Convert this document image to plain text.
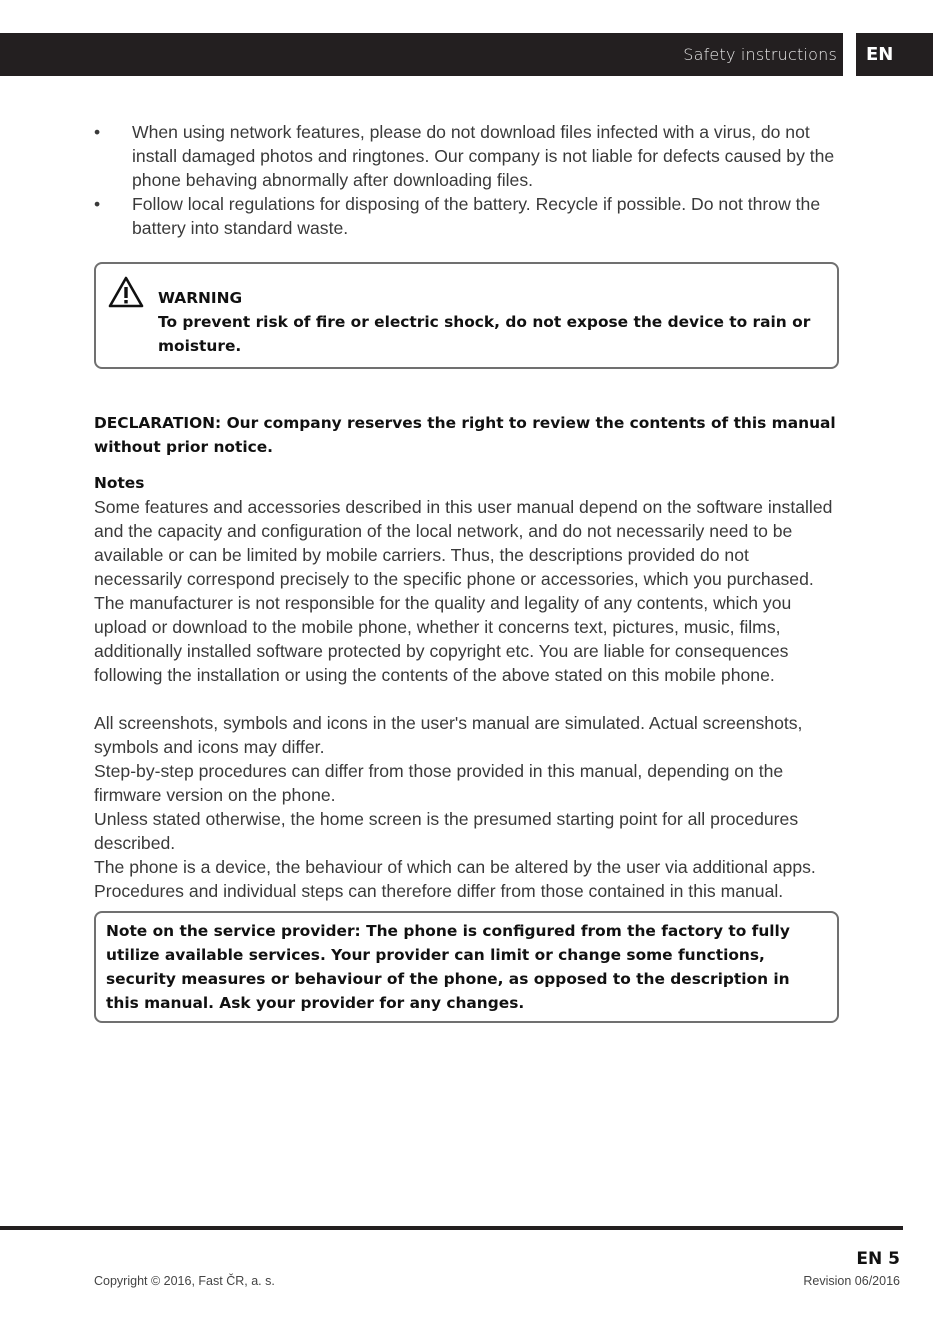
Safety instructions	EN
• When using network features, please do not download files infected with a virus, do not install damaged photos and ringtones. Our company is not liable for defects caused by the phone behaving abnormally after downloading files.
• Follow local regulations for disposing of the battery. Recycle if possible. Do not throw the battery into standard waste.

WARNING

To prevent risk of fire or electric shock, do not expose the device to rain or moisture.

DECLARATION: Our company reserves the right to review the contents of this manual without prior notice.

Notes

Some features and accessories described in this user manual depend on the software installed and the capacity and configuration of the local network, and do not necessarily need to be available or can be limited by mobile carriers. Thus, the descriptions provided do not necessarily correspond precisely to the specific phone or accessories, which you purchased. The manufacturer is not responsible for the quality and legality of any contents, which you upload or download to the mobile phone, whether it concerns text, pictures, music, films, additionally installed software protected by copyright etc. You are liable for consequences following the installation or using the contents of the above stated on this mobile phone.

All screenshots, symbols and icons in the user's manual are simulated. Actual screenshots, symbols and icons may differ.

Step-by-step procedures can differ from those provided in this manual, depending on the firmware version on the phone.

Unless stated otherwise, the home screen is the presumed starting point for all procedures described.

The phone is a device, the behaviour of which can be altered by the user via additional apps. Procedures and individual steps can therefore differ from those contained in this manual.

Note on the service provider: The phone is configured from the factory to fully utilize available services. Your provider can limit or change some functions, security measures or behaviour of the phone, as opposed to the description in this manual. Ask your provider for any changes.

EN 5
Copyright © 2016, Fast ČR, a. s.	Revision 06/2016
